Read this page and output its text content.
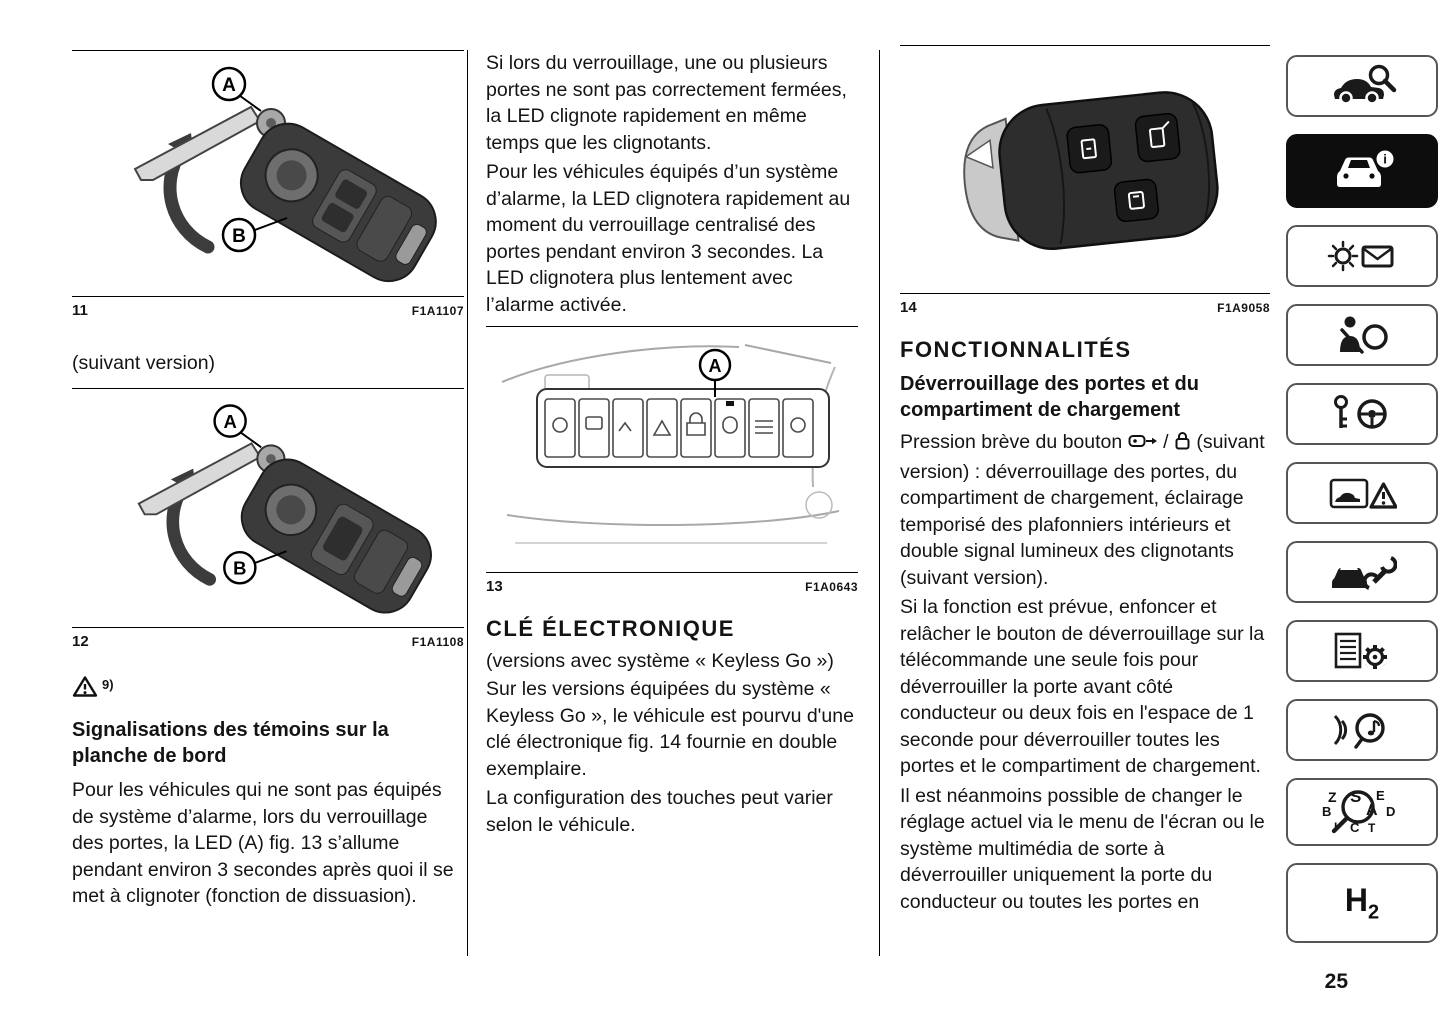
A
B
11	F1A1107
(suivant version)
A
B
12	F1A1108
9)
Signalisations des témoins sur la planche de bord

Pour les véhicules qui ne sont pas équipés de système d’alarme, lors du verrouillage des portes, la LED (A) fig. 13 s’allume pendant environ 3 secondes après quoi il se met à clignoter (fonction de dissuasion).

Si lors du verrouillage, une ou plusieurs portes ne sont pas correctement fermées, la LED clignote rapidement en même temps que les clignotants.

Pour les véhicules équipés d’un système d’alarme, la LED clignotera rapidement au moment du verrouillage centralisé des portes pendant environ 3 secondes. La LED clignotera plus lentement avec l’alarme activée.

A
13	F1A0643
CLÉ ÉLECTRONIQUE
(versions avec système « Keyless Go »)

Sur les versions équipées du système « Keyless Go », le véhicule est pourvu d'une clé électronique fig. 14 fournie en double exemplaire.

La configuration des touches peut varier selon le véhicule.

14	F1A9058
FONCTIONNALITÉS
Déverrouillage des portes et du compartiment de chargement

Pression brève du bouton / (suivant version) : déverrouillage des portes, du compartiment de chargement, éclairage temporisé des plafonniers intérieurs et double signal lumineux des clignotants (suivant version).

Si la fonction est prévue, enfoncer et relâcher le bouton de déverrouillage sur la télécommande une seule fois pour déverrouiller la porte avant côté conducteur ou deux fois en l'espace de 1 seconde pour déverrouiller toutes les portes et le compartiment de chargement.

Il est néanmoins possible de changer le réglage actuel via le menu de l'écran ou le système multimédia de sorte à déverrouiller uniquement la porte du conducteur ou toutes les portes en

i
Z S E
B A D
C T
$H_2$
25
